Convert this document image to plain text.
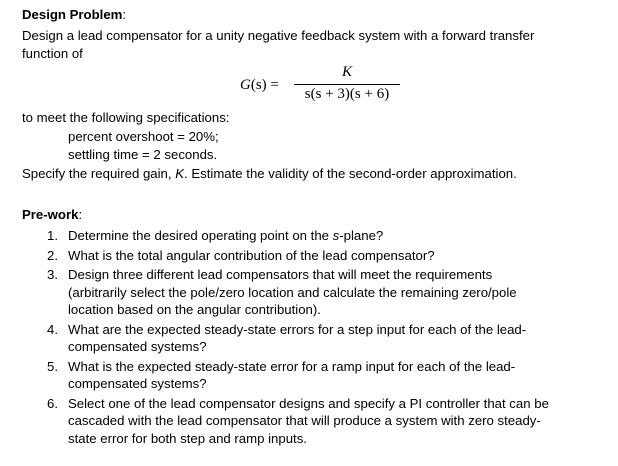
Design Problem:
Design a lead compensator for a unity negative feedback system with a forward transfer
function of
G(s) =
K
s(s + 3)(s + 6)
to meet the following specifications:
percent overshoot = 20%;
settling time = 2 seconds.
Specify the required gain, K. Estimate the validity of the second-order approximation.
Pre-work:
1. Determine the desired operating point on the s-plane?
2. What is the total angular contribution of the lead compensator?
3. Design three different lead compensators that will meet the requirements
(arbitrarily select the pole/zero location and calculate the remaining zero/pole
location based on the angular contribution).
4. What are the expected steady-state errors for a step input for each of the lead-
compensated systems?
5. What is the expected steady-state error for a ramp input for each of the lead-
compensated systems?
6. Select one of the lead compensator designs and specify a PI controller that can be
cascaded with the lead compensator that will produce a system with zero steady-
state error for both step and ramp inputs.
